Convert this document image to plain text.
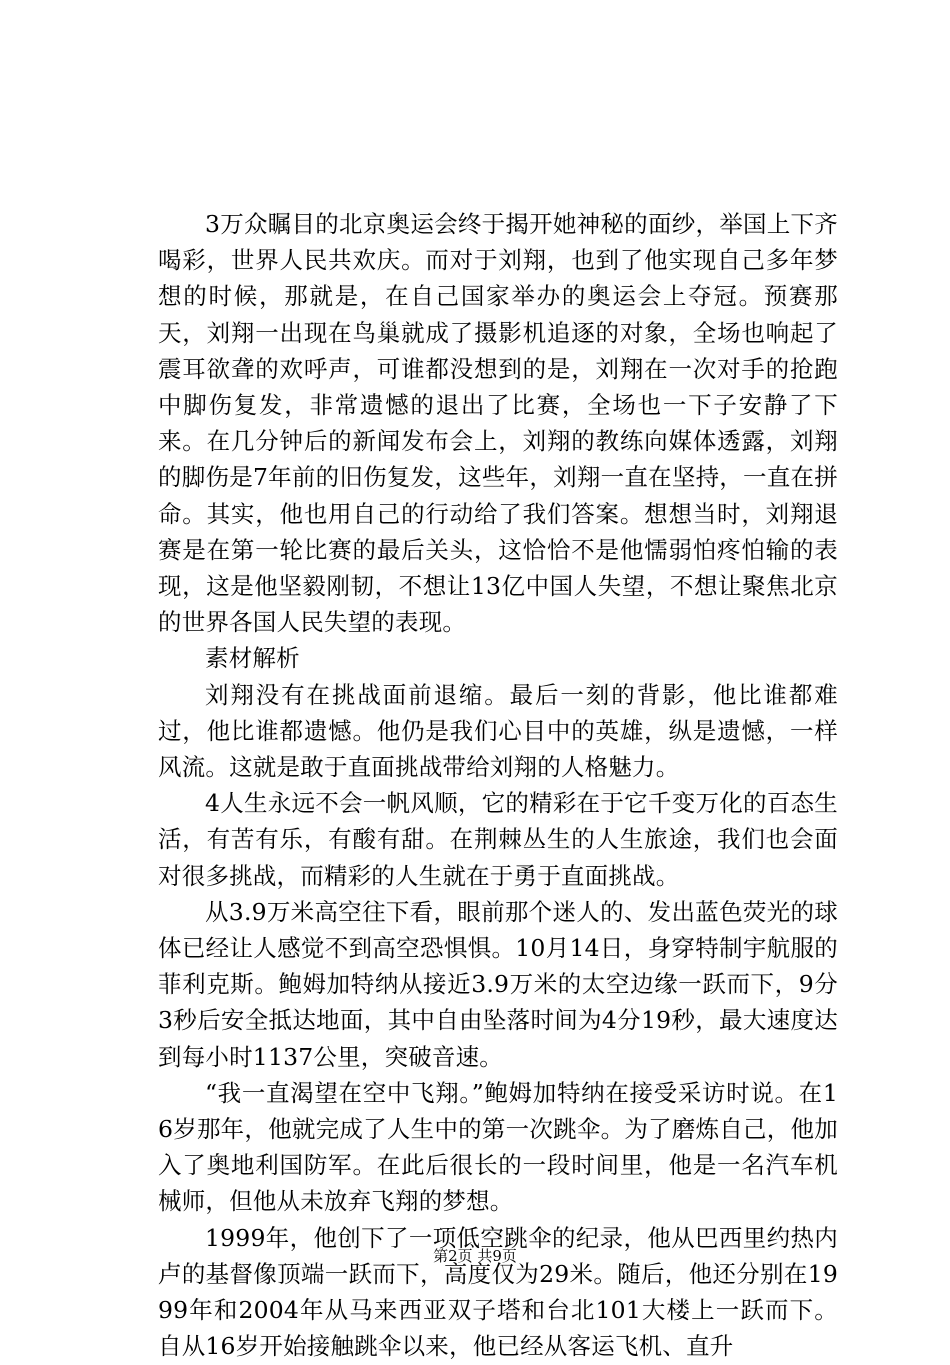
3万众瞩目的北京奥运会终于揭开她神秘的面纱，举国上下齐喝彩，世界人民共欢庆。而对于刘翔，也到了他实现自己多年梦想的时候，那就是，在自己国家举办的奥运会上夺冠。预赛那天，刘翔一出现在鸟巢就成了摄影机追逐的对象，全场也响起了震耳欲聋的欢呼声，可谁都没想到的是，刘翔在一次对手的抢跑中脚伤复发，非常遗憾的退出了比赛，全场也一下子安静了下来。在几分钟后的新闻发布会上，刘翔的教练向媒体透露，刘翔的脚伤是7年前的旧伤复发，这些年，刘翔一直在坚持，一直在拼命。其实，他也用自己的行动给了我们答案。想想当时，刘翔退赛是在第一轮比赛的最后关头，这恰恰不是他懦弱怕疼怕输的表现，这是他坚毅刚韧，不想让13亿中国人失望，不想让聚焦北京的世界各国人民失望的表现。

素材解析

刘翔没有在挑战面前退缩。最后一刻的背影，他比谁都难过，他比谁都遗憾。他仍是我们心目中的英雄，纵是遗憾，一样风流。这就是敢于直面挑战带给刘翔的人格魅力。

4人生永远不会一帆风顺，它的精彩在于它千变万化的百态生活，有苦有乐，有酸有甜。在荆棘丛生的人生旅途，我们也会面对很多挑战，而精彩的人生就在于勇于直面挑战。

从3.9万米高空往下看，眼前那个迷人的、发出蓝色荧光的球体已经让人感觉不到高空恐惧惧。10月14日，身穿特制宇航服的菲利克斯。鲍姆加特纳从接近3.9万米的太空边缘一跃而下，9分3秒后安全抵达地面，其中自由坠落时间为4分19秒，最大速度达到每小时1137公里，突破音速。

“我一直渴望在空中飞翔。”鲍姆加特纳在接受采访时说。在16岁那年，他就完成了人生中的第一次跳伞。为了磨炼自己，他加入了奥地利国防军。在此后很长的一段时间里，他是一名汽车机械师，但他从未放弃飞翔的梦想。

1999年，他创下了一项低空跳伞的纪录，他从巴西里约热内卢的基督像顶端一跃而下，高度仅为29米。随后，他还分别在1999年和2004年从马来西亚双子塔和台北101大楼上一跃而下。自从16岁开始接触跳伞以来，他已经从客运飞机、直升

第2页 共9页
